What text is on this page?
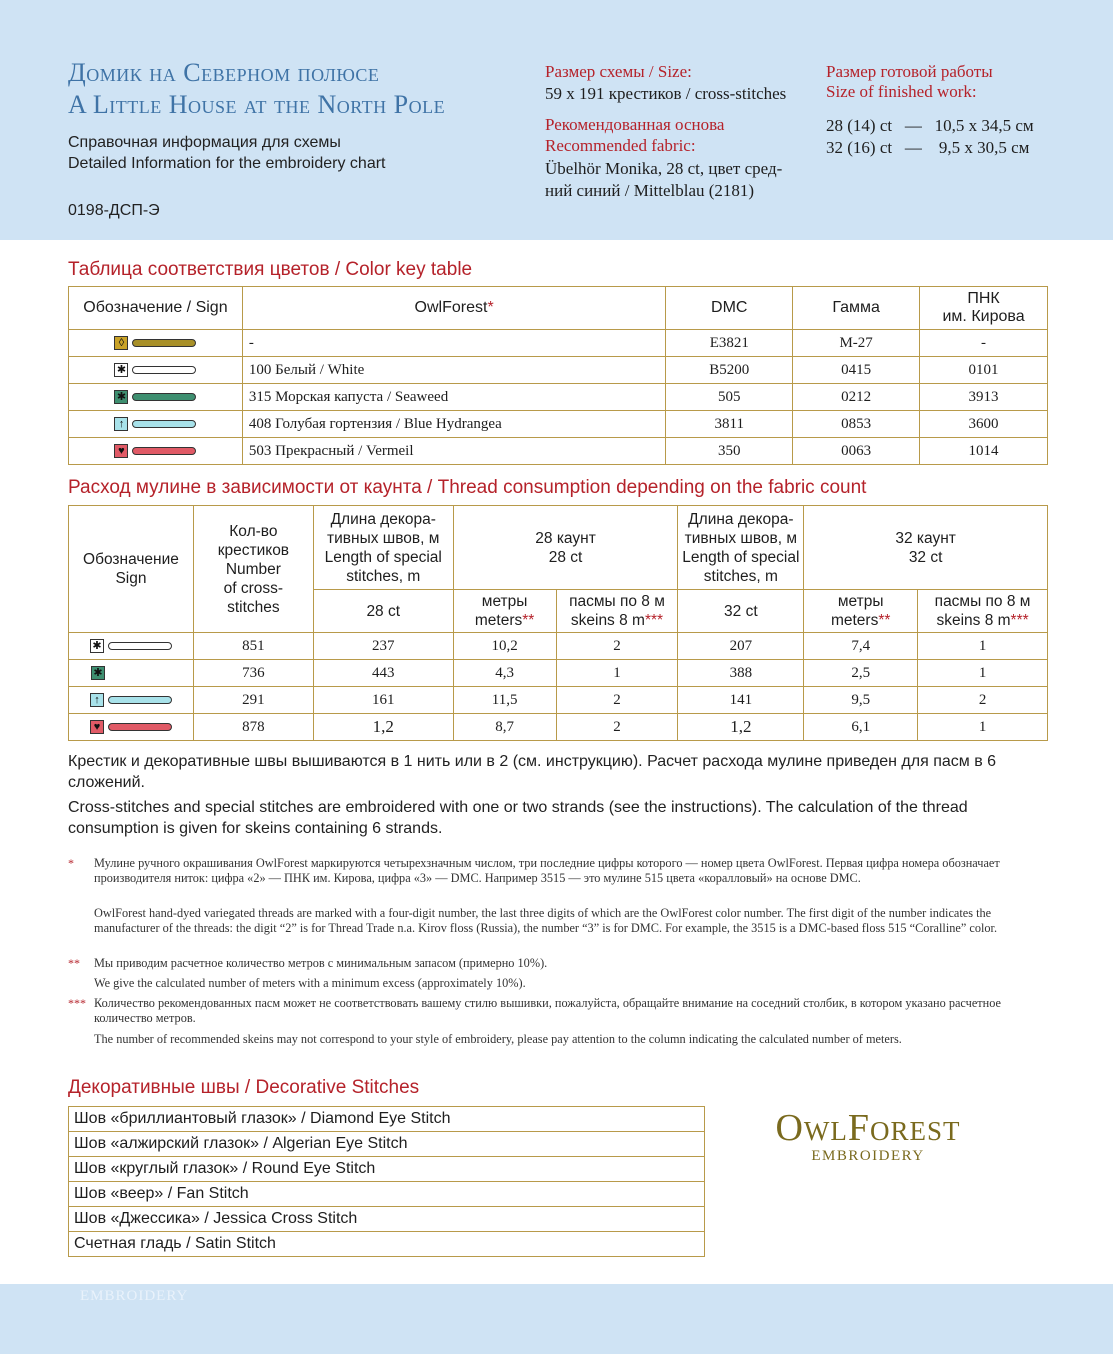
Домик на Северном полюсе
A Little House at the North Pole
Справочная информация для схемы
Detailed Information for the embroidery chart
0198-ДСП-Э
Размер схемы / Size:
59 x 191 крестиков / cross-stitches
Рекомендованная основа
Recommended fabric:
Übelhör Monika, 28 ct, цвет сред-
ний синий / Mittelblau (2181)
Размер готовой работы
Size of finished work:
28 (14) ct — 10,5 x 34,5 см
32 (16) ct — 9,5 x 30,5 см
Таблица соответствия цветов / Color key table
Обозначение / Sign	OwlForest*	DMC	Гамма	ПНК
им. Кирова

◊	-	E3821	M-27	-

✱	100 Белый / White	B5200	0415	0101

✱	315 Морская капуста / Seaweed	505	0212	3913

↑	408 Голубая гортензия / Blue Hydrangea	3811	0853	3600

♥	503 Прекрасный / Vermeil	350	0063	1014
Расход мулине в зависимости от каунта / Thread consumption depending on the fabric count
Обозначение
Sign	Кол-во
крестиков
Number
of cross-
stitches	Длина декора-
тивных швов, м
Length of special
stitches, m	28 каунт
28 ct		Длина декора-
тивных швов, м
Length of special
stitches, m	32 каунт
32 ct	
		28 ct	метры
meters**	пасмы по 8 м
skeins 8 m***	32 ct	метры
meters**	пасмы по 8 м
skeins 8 m***

✱	851	237	10,2	2	207	7,4	1

✱	736	443	4,3	1	388	2,5	1

↑	291	161	11,5	2	141	9,5	2

♥	878	1,2	8,7	2	1,2	6,1	1
Крестик и декоративные швы вышиваются в 1 нить или в 2 (см. инструкцию). Расчет расхода мулине приведен для пасм в 6 сложений.
Cross-stitches and special stitches are embroidered with one or two strands (see the instructions). The calculation of the thread consumption is given for skeins containing 6 strands.
* Мулине ручного окрашивания OwlForest маркируются четырехзначным числом, три последние цифры которого — номер цвета OwlForest. Первая цифра номера обозначает производителя ниток: цифра «2» — ПНК им. Кирова, цифра «3» — DMC. Например 3515 — это мулине 515 цвета «коралловый» на основе DMC.
OwlForest hand-dyed variegated threads are marked with a four-digit number, the last three digits of which are the OwlForest color number. The first digit of the number indicates the manufacturer of the threads: the digit “2” is for Thread Trade n.a. Kirov floss (Russia), the number “3” is for DMC. For example, the 3515 is a DMC-based floss 515 “Coralline” color.
** Мы приводим расчетное количество метров с минимальным запасом (примерно 10%).
We give the calculated number of meters with a minimum excess (approximately 10%).
*** Количество рекомендованных пасм может не соответствовать вашему стилю вышивки, пожалуйста, обращайте внимание на соседний столбик, в котором указано расчетное количество метров.
The number of recommended skeins may not correspond to your style of embroidery, please pay attention to the column indicating the calculated number of meters.
Декоративные швы / Decorative Stitches
Шов «бриллиантовый глазок» / Diamond Eye Stitch
Шов «алжирский глазок» / Algerian Eye Stitch
Шов «круглый глазок» / Round Eye Stitch
Шов «веер» / Fan Stitch
Шов «Джессика» / Jessica Cross Stitch
Счетная гладь / Satin Stitch
OwlForest
EMBROIDERY
EMBROIDERY
